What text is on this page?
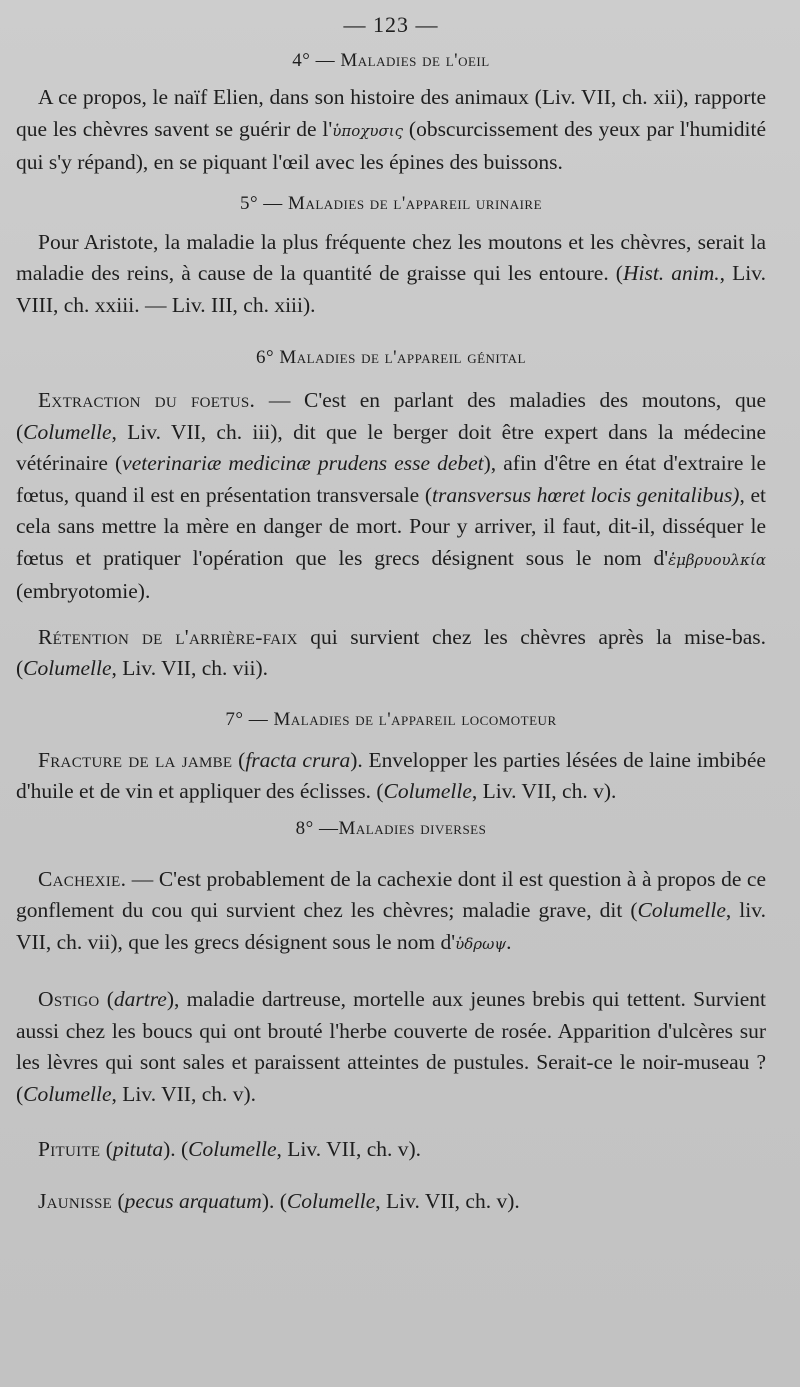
— 123 —
4° — Maladies de l'oeil

A ce propos, le naïf Elien, dans son histoire des animaux (Liv. VII, ch. xii), rapporte que les chèvres savent se guérir de l'ὑποχυσις (obscurcissement des yeux par l'humidité qui s'y répand), en se piquant l'œil avec les épines des buissons.

5° — Maladies de l'appareil urinaire

Pour Aristote, la maladie la plus fréquente chez les moutons et les chèvres, serait la maladie des reins, à cause de la quantité de graisse qui les entoure. (Hist. anim., Liv. VIII, ch. xxiii. — Liv. III, ch. xiii).

6° Maladies de l'appareil génital

Extraction du foetus. — C'est en parlant des maladies des moutons, que (Columelle, Liv. VII, ch. iii), dit que le berger doit être expert dans la médecine vétérinaire (veterinariæ medicinæ prudens esse debet), afin d'être en état d'extraire le fœtus, quand il est en présentation transversale (transversus hœret locis genitalibus), et cela sans mettre la mère en danger de mort. Pour y arriver, il faut, dit-il, disséquer le fœtus et pratiquer l'opération que les grecs désignent sous le nom d'ἐμβρυουλκία (embryotomie).

Rétention de l'arrière-faix qui survient chez les chèvres après la mise-bas. (Columelle, Liv. VII, ch. vii).

7° — Maladies de l'appareil locomoteur

Fracture de la jambe (fracta crura). Envelopper les parties lésées de laine imbibée d'huile et de vin et appliquer des éclisses. (Columelle, Liv. VII, ch. v).

8° —Maladies diverses

Cachexie. — C'est probablement de la cachexie dont il est question à à propos de ce gonflement du cou qui survient chez les chèvres; maladie grave, dit (Columelle, liv. VII, ch. vii), que les grecs désignent sous le nom d'ὑδρωψ.

Ostigo (dartre), maladie dartreuse, mortelle aux jeunes brebis qui tettent. Survient aussi chez les boucs qui ont brouté l'herbe couverte de rosée. Apparition d'ulcères sur les lèvres qui sont sales et paraissent atteintes de pustules. Serait-ce le noir-museau ? (Columelle, Liv. VII, ch. v).

Pituite (pituta). (Columelle, Liv. VII, ch. v).

Jaunisse (pecus arquatum). (Columelle, Liv. VII, ch. v).
